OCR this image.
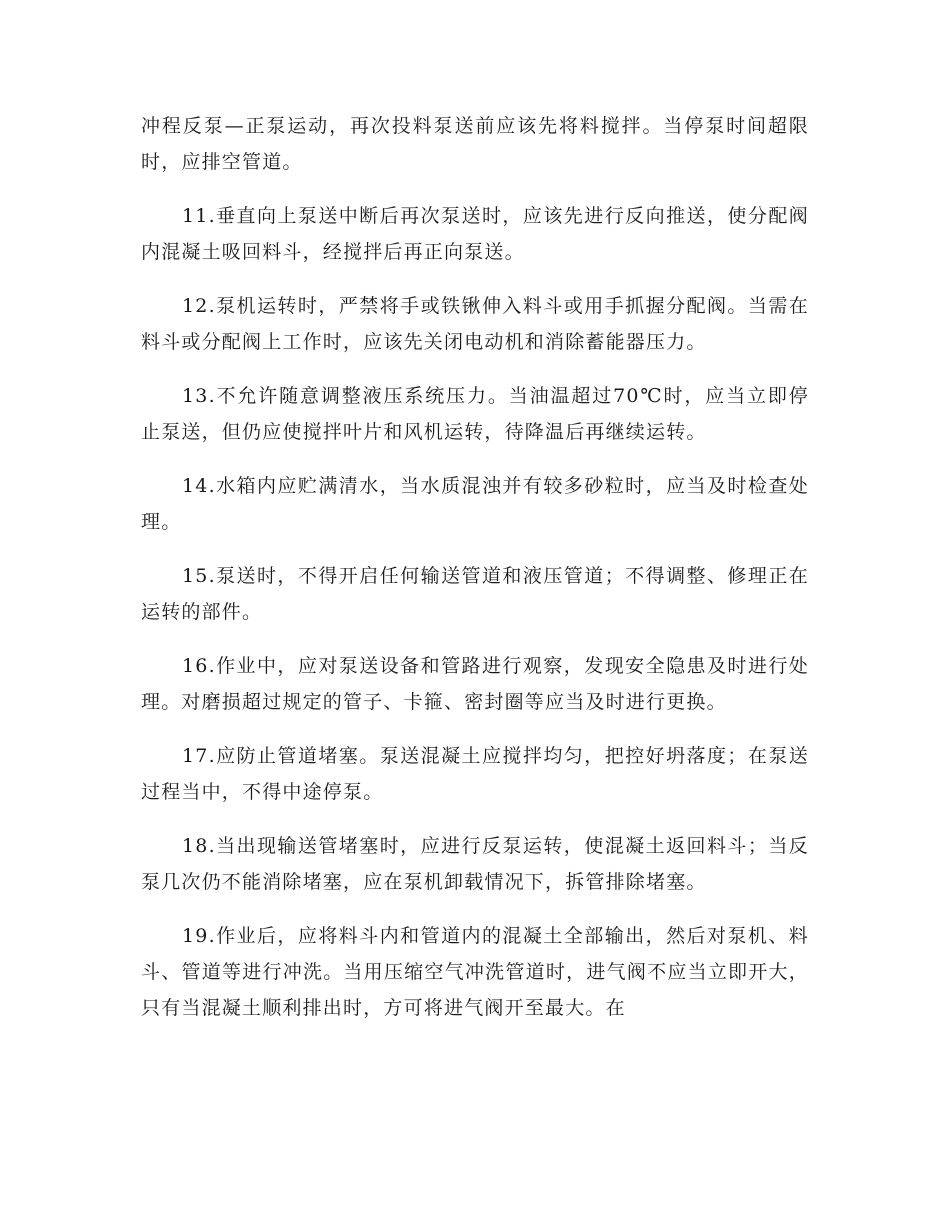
冲程反泵—正泵运动，再次投料泵送前应该先将料搅拌。当停泵时间超限时，应排空管道。

11.垂直向上泵送中断后再次泵送时，应该先进行反向推送，使分配阀内混凝土吸回料斗，经搅拌后再正向泵送。

12.泵机运转时，严禁将手或铁锹伸入料斗或用手抓握分配阀。当需在料斗或分配阀上工作时，应该先关闭电动机和消除蓄能器压力。

13.不允许随意调整液压系统压力。当油温超过70℃时，应当立即停止泵送，但仍应使搅拌叶片和风机运转，待降温后再继续运转。

14.水箱内应贮满清水，当水质混浊并有较多砂粒时，应当及时检查处理。

15.泵送时，不得开启任何输送管道和液压管道；不得调整、修理正在运转的部件。

16.作业中，应对泵送设备和管路进行观察，发现安全隐患及时进行处理。对磨损超过规定的管子、卡箍、密封圈等应当及时进行更换。

17.应防止管道堵塞。泵送混凝土应搅拌均匀，把控好坍落度；在泵送过程当中，不得中途停泵。

18.当出现输送管堵塞时，应进行反泵运转，使混凝土返回料斗；当反泵几次仍不能消除堵塞，应在泵机卸载情况下，拆管排除堵塞。

19.作业后，应将料斗内和管道内的混凝土全部输出，然后对泵机、料斗、管道等进行冲洗。当用压缩空气冲洗管道时，进气阀不应当立即开大，只有当混凝土顺利排出时，方可将进气阀开至最大。在
